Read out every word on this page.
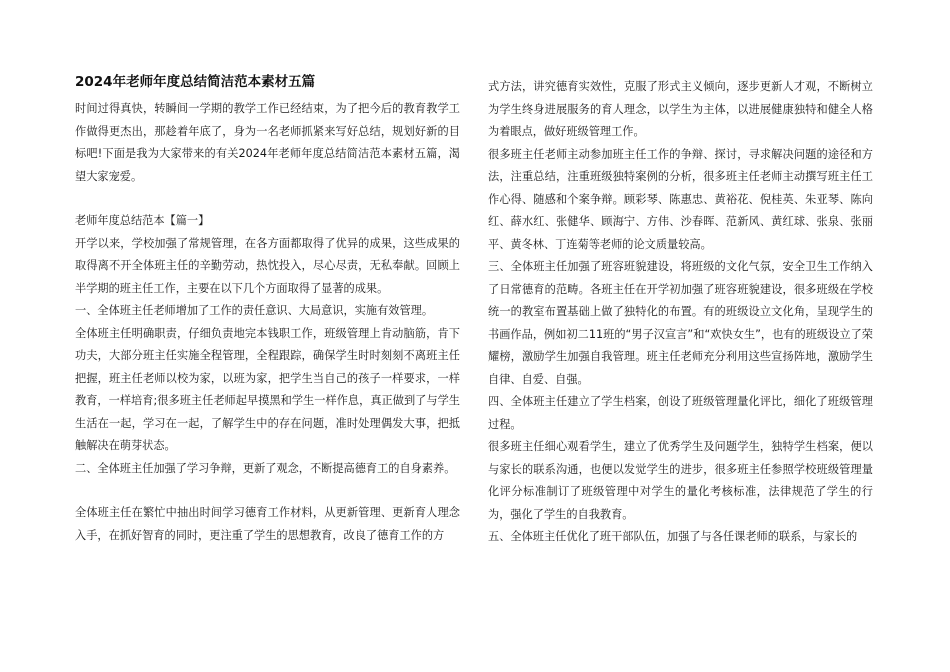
2024年老师年度总结简洁范本素材五篇

时间过得真快，转瞬间一学期的教学工作已经结束，为了把今后的教育教学工作做得更杰出，那趁着年底了，身为一名老师抓紧来写好总结，规划好新的目标吧!下面是我为大家带来的有关2024年老师年度总结简洁范本素材五篇，渴望大家宠爱。

老师年度总结范本【篇一】

开学以来，学校加强了常规管理，在各方面都取得了优异的成果，这些成果的取得离不开全体班主任的辛勤劳动，热忱投入，尽心尽责，无私奉献。回顾上半学期的班主任工作，主要在以下几个方面取得了显著的成果。

一、全体班主任老师增加了工作的责任意识、大局意识，实施有效管理。

全体班主任明确职责，仔细负责地完本钱职工作，班级管理上肯动脑筋，肯下功夫，大部分班主任实施全程管理，全程跟踪，确保学生时时刻刻不离班主任把握，班主任老师以校为家，以班为家，把学生当自己的孩子一样要求，一样教育，一样培育;很多班主任老师起早摸黑和学生一样作息，真正做到了与学生生活在一起，学习在一起，了解学生中的存在问题，准时处理偶发大事，把抵触解决在萌芽状态。

二、全体班主任加强了学习争辩，更新了观念，不断提高德育工的自身素养。

全体班主任在繁忙中抽出时间学习德育工作材料，从更新管理、更新育人理念入手，在抓好智育的同时，更注重了学生的思想教育，改良了德育工作的方

式方法，讲究德育实效性，克服了形式主义倾向，逐步更新人才观，不断树立为学生终身进展服务的育人理念，以学生为主体，以进展健康独特和健全人格为着眼点，做好班级管理工作。

很多班主任老师主动参加班主任工作的争辩、探讨，寻求解决问题的途径和方法，注重总结，注重班级独特案例的分析，很多班主任老师主动撰写班主任工作心得、随感和个案争辩。顾彩琴、陈惠忠、黄裕花、倪桂英、朱亚琴、陈向红、薛水红、张健华、顾海宁、方伟、沙春晖、范新风、黄红球、张泉、张丽平、黄冬林、丁连菊等老师的论文质量较高。

三、全体班主任加强了班容班貌建设，将班级的文化气氛，安全卫生工作纳入了日常德育的范畴。各班主任在开学初加强了班容班貌建设，很多班级在学校统一的教室布置基础上做了独特化的布置。有的班级设立文化角，呈现学生的书画作品，例如初二11班的“男子汉宣言”和“欢快女生”，也有的班级设立了荣耀榜，激励学生加强自我管理。班主任老师充分利用这些宣扬阵地，激励学生自律、自爱、自强。

四、全体班主任建立了学生档案，创设了班级管理量化评比，细化了班级管理过程。

很多班主任细心观看学生，建立了优秀学生及问题学生，独特学生档案，便以与家长的联系沟通，也便以发觉学生的进步，很多班主任参照学校班级管理量化评分标准制订了班级管理中对学生的量化考核标准，法律规范了学生的行为，强化了学生的自我教育。

五、全体班主任优化了班干部队伍，加强了与各任课老师的联系，与家长的
